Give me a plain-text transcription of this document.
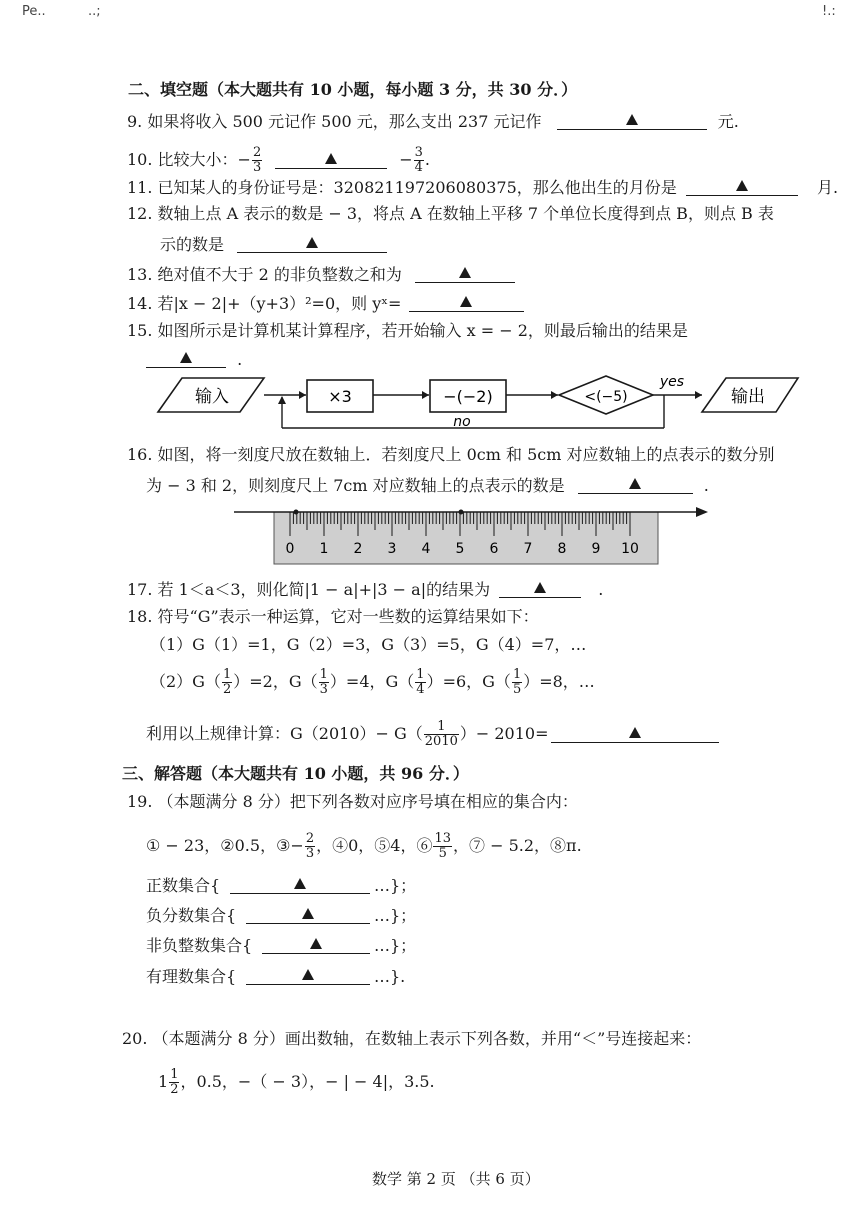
Pe..	..;	!.:
二、填空题（本大题共有 10 小题，每小题 3 分，共 30 分．）
9. 如果将收入 500 元记作 500 元，那么支出 237 元记作	元.
10. 比较大小： − $\frac{2}{3}$	− $\frac{3}{4}$ .
11. 已知某人的身份证号是：320821197206080375，那么他出生的月份是	月.
12. 数轴上点 A 表示的数是 − 3，将点 A 在数轴上平移 7 个单位长度得到点 B，则点 B 表
示的数是
13. 绝对值不大于 2 的非负整数之和为
14. 若|x − 2|+（y+3）²=0，则 yˣ=
15. 如图所示是计算机某计算程序，若开始输入 x = − 2，则最后输出的结果是
.
输入	×3	−(−2)	<(−5)
yes
输出
no
16. 如图，将一刻度尺放在数轴上．若刻度尺上 0cm 和 5cm 对应数轴上的点表示的数分别
为 − 3 和 2，则刻度尺上 7cm 对应数轴上的点表示的数是	.
0 1 2 3 4 5 6 7 8 9 10
17. 若 1＜a＜3，则化简|1 − a|+|3 − a|的结果为	.
18. 符号“G”表示一种运算，它对一些数的运算结果如下：
（1）G（1）=1，G（2）=3，G（3）=5，G（4）=7，…
$(2)G( \frac{1}{2} )=2$，$G( \frac{1}{3} )=4$，$G( \frac{1}{4} )=6$，$G( \frac{1}{5} )=8$，…
利用以上规律计算：$G(2010)- G( \frac{1}{2010}$ ）− 2010=
三、解答题（本大题共有 10 小题，共 96 分．）
19. （本题满分 8 分）把下列各数对应序号填在相应的集合内：
① − 23，②0.5，③− $\frac{2}{3}$ ，④0，⑤4，⑥ $\frac{13}{5}$ ，⑦ − 5.2，⑧π.
正数集合{	…}；
负分数集合{	…}；
非负整数集合{	…}；
有理数集合{	…}.
20. （本题满分 8 分）画出数轴，在数轴上表示下列各数，并用“＜”号连接起来：
$1 \frac{1}{2}$ ，0.5，−（ − 3），− | − 4|，3.5.
数学 第 2 页 （共 6 页）
